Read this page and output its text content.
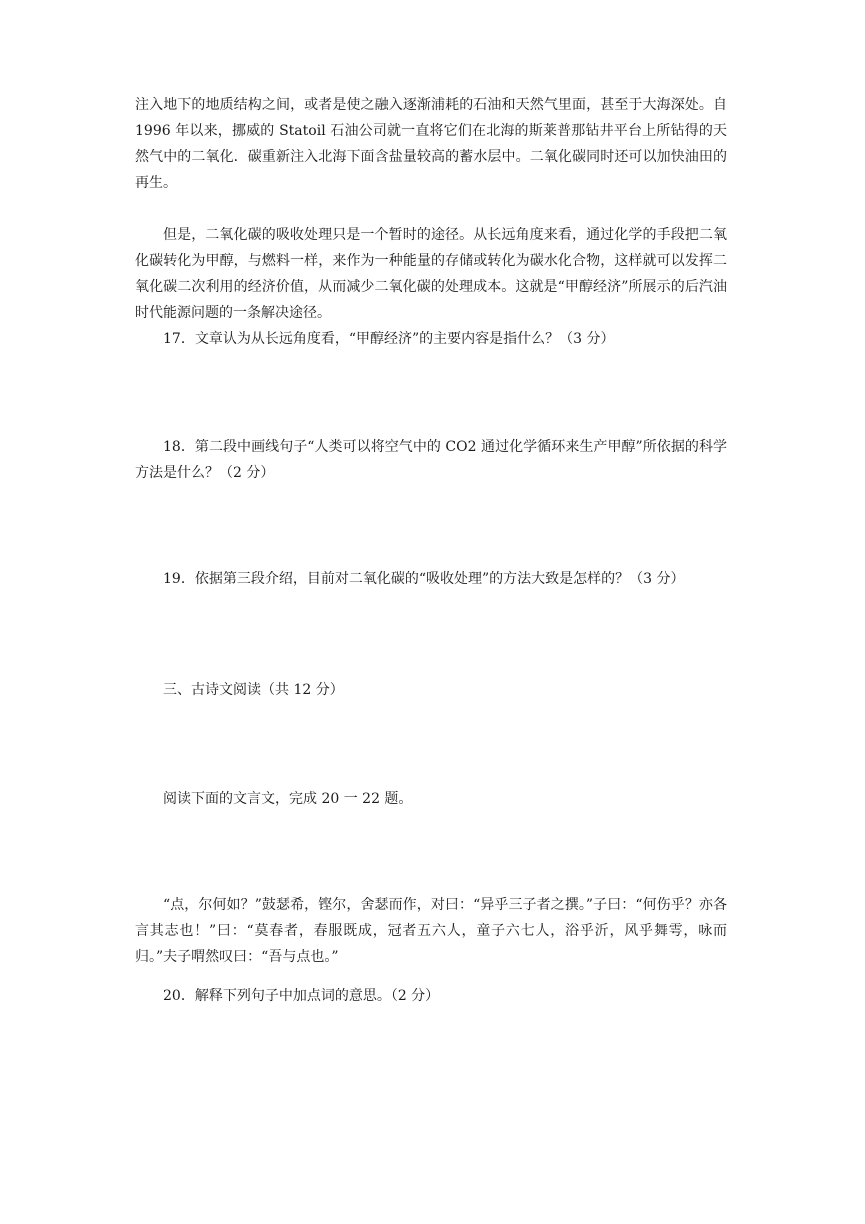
注入地下的地质结构之间，或者是使之融入逐渐浦耗的石油和天然气里面，甚至于大海深处。自 1996 年以来，挪威的 Statoil 石油公司就一直将它们在北海的斯莱普那钻井平台上所钻得的天然气中的二氧化．碳重新注入北海下面含盐量较高的蓄水层中。二氧化碳同时还可以加快油田的再生。

但是，二氧化碳的吸收处理只是一个暂时的途径。从长远角度来看，通过化学的手段把二氧化碳转化为甲醇，与燃料一样，来作为一种能量的存储或转化为碳水化合物，这样就可以发挥二氧化碳二次利用的经济价值，从而减少二氧化碳的处理成本。这就是“甲醇经济”所展示的后汽油时代能源问题的一条解决途径。

17．文章认为从长远角度看，“甲醇经济”的主要内容是指什么？（3 分）

18．第二段中画线句子“人类可以将空气中的 CO2 通过化学循环来生产甲醇”所依据的科学方法是什么？（2 分）

19．依据第三段介绍，目前对二氧化碳的“吸收处理”的方法大致是怎样的？（3 分）

三、古诗文阅读（共 12 分）

阅读下面的文言文，完成 20 一 22 题。

“点，尔何如？”鼓瑟希，铿尔，舍瑟而作，对曰：“异乎三子者之撰。”子曰：“何伤乎？亦各言其志也！”曰：“莫春者，春服既成，冠者五六人，童子六七人，浴乎沂，风乎舞雩，咏而归。”夫子喟然叹曰：“吾与点也。”

20．解释下列句子中加点词的意思。（2 分）
